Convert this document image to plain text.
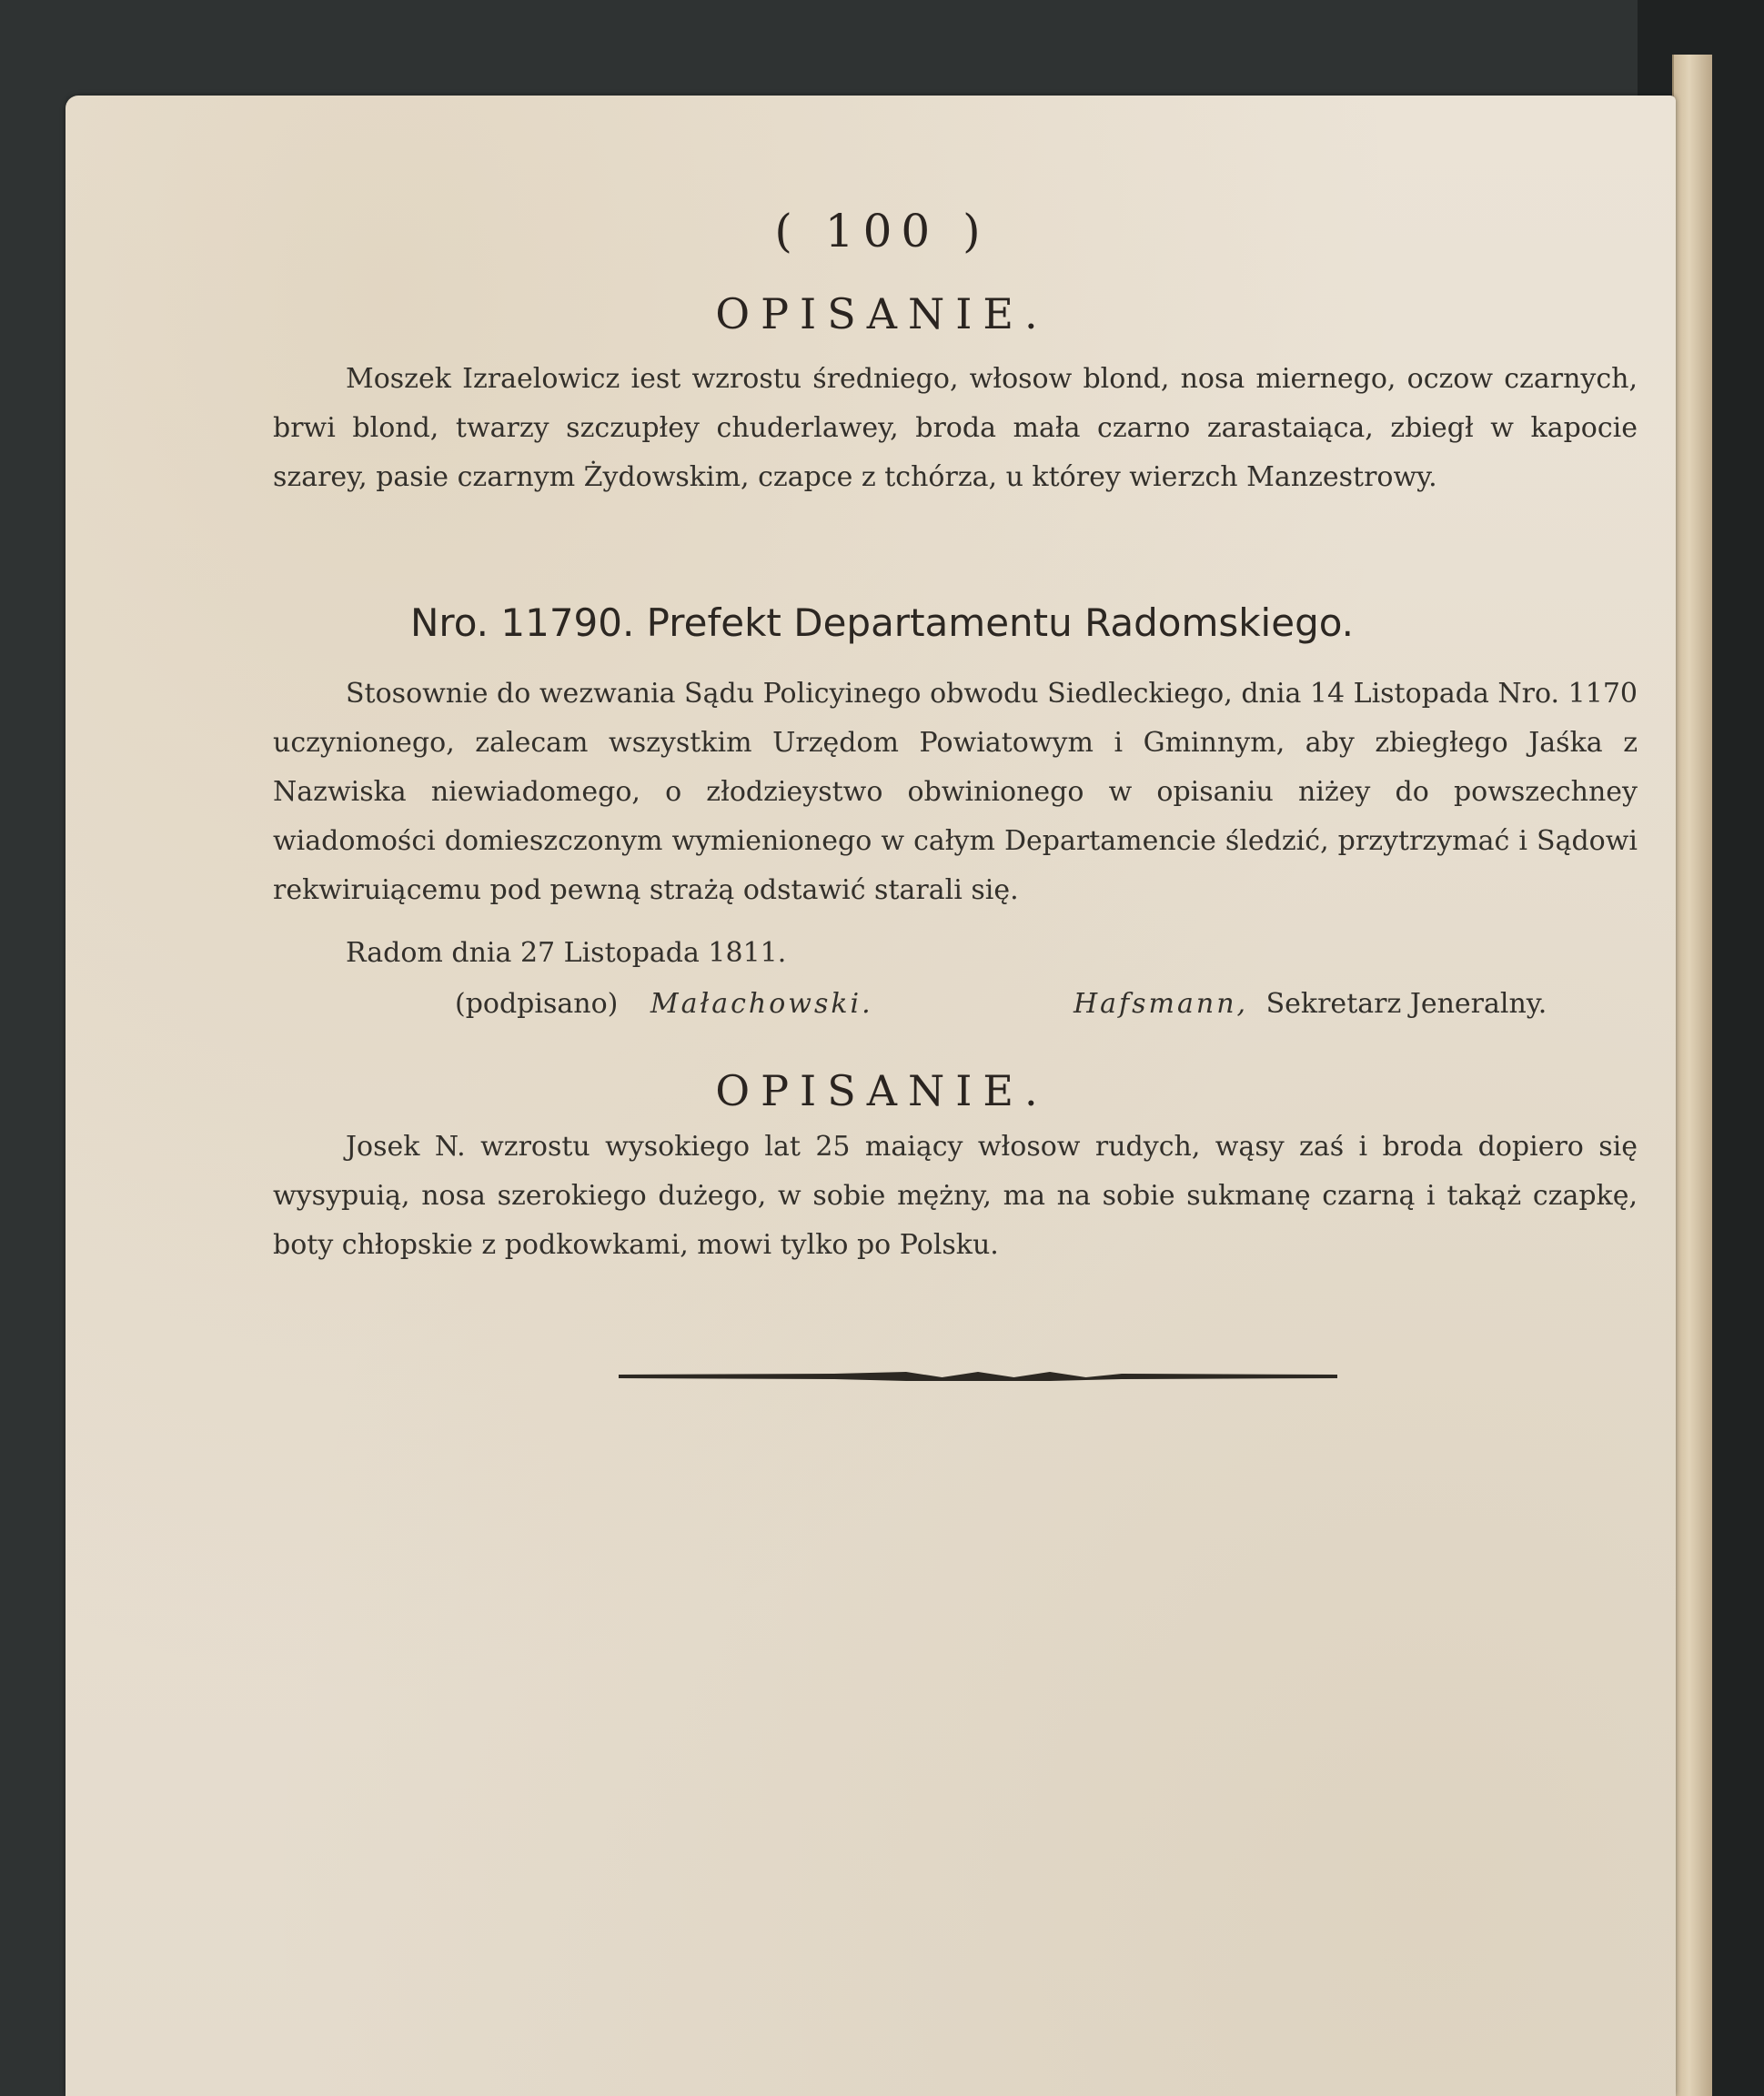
( 100 )
OPISANIE.
Moszek Izraelowicz iest wzrostu średniego, włosow blond, nosa miernego, oczow czarnych, brwi blond, twarzy szczupłey chuderlawey, broda mała czarno zarastaiąca, zbiegł w kapocie szarey, pasie czarnym Żydowskim, czapce z tchórza, u którey wierzch Manzestrowy.
Nro. 11790. Prefekt Departamentu Radomskiego.
Stosownie do wezwania Sądu Policyinego obwodu Siedleckiego, dnia 14 Listopada Nro. 1170 uczynionego, zalecam wszystkim Urzędom Powiatowym i Gminnym, aby zbiegłego Jaśka z Nazwiska niewiadomego, o złodzieystwo obwinionego w opisaniu niżey do powszechney wiadomości domieszczonym wymienionego w całym Departamencie śledzić, przytrzymać i Sądowi rekwiruiącemu pod pewną strażą odstawić starali się.
Radom dnia 27 Listopada 1811.
(podpisano) Małachowski.	Hafsmann, Sekretarz Jeneralny.
OPISANIE.
Josek N. wzrostu wysokiego lat 25 maiący włosow rudych, wąsy zaś i broda dopiero się wysypuią, nosa szerokiego dużego, w sobie mężny, ma na sobie sukmanę czarną i takąż czapkę, boty chłopskie z podkowkami, mowi tylko po Polsku.
